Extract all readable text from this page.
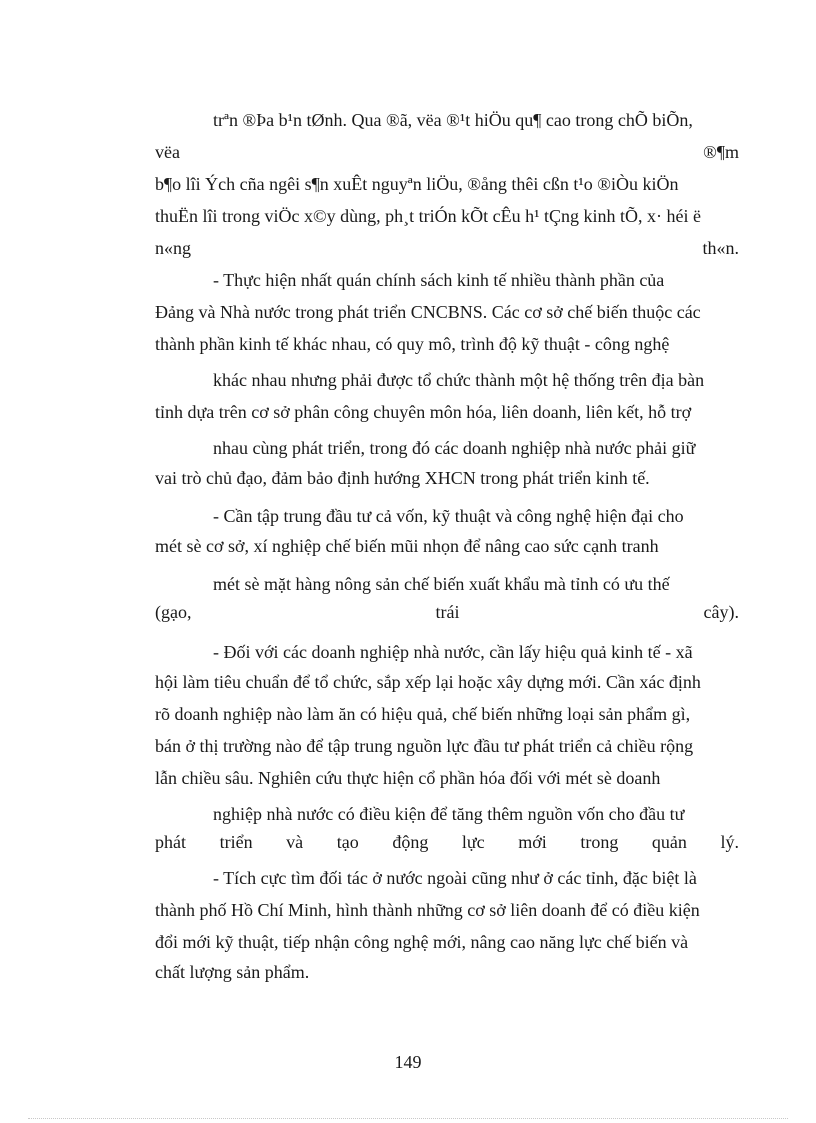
trªn ®Þa b¹n tØnh. Qua ®ã, vëa ®¹t hiÖu qu¶ cao trong chÕ biÕn,
vëa	®¶m
b¶o lîi Ých cña ngêi s¶n xuÊt nguyªn liÖu, ®ång thêi cßn t¹o ®iÒu kiÖn
thuËn lîi trong viÖc x©y dùng, ph¸t triÓn kÕt cÊu h¹ tÇng kinh tÕ, x· héi ë
n«ng	th«n.
- Thực hiện nhất quán chính sách kinh tế nhiều thành phần của
Đảng và Nhà nước trong phát triển CNCBNS. Các cơ sở chế biến thuộc các
thành phần kinh tế khác nhau, có quy mô, trình độ kỹ thuật - công nghệ
khác nhau nhưng phải được tổ chức thành một hệ thống trên địa bàn
tỉnh dựa trên cơ sở phân công chuyên môn hóa, liên doanh, liên kết, hỗ trợ
nhau cùng phát triển, trong đó các doanh nghiệp nhà nước phải giữ
vai trò chủ đạo, đảm bảo định hướng XHCN trong phát triển kinh tế.
- Cần tập trung đầu tư cả vốn, kỹ thuật và công nghệ hiện đại cho
mét sè cơ sở, xí nghiệp chế biến mũi nhọn để nâng cao sức cạnh tranh
mét sè mặt hàng nông sản chế biến xuất khẩu mà tỉnh có ưu thế
(gạo,	trái	cây).
- Đối với các doanh nghiệp nhà nước, cần lấy hiệu quả kinh tế - xã
hội làm tiêu chuẩn để tổ chức, sắp xếp lại hoặc xây dựng mới. Cần xác định
rõ doanh nghiệp nào làm ăn có hiệu quả, chế biến những loại sản phẩm gì,
bán ở thị trường nào để tập trung nguồn lực đầu tư phát triển cả chiều rộng
lẫn chiều sâu. Nghiên cứu thực hiện cổ phần hóa đối với mét sè doanh
nghiệp nhà nước có điều kiện để tăng thêm nguồn vốn cho đầu tư
phát triển và tạo động lực mới trong quản lý.
- Tích cực tìm đối tác ở nước ngoài cũng như ở các tỉnh, đặc biệt là
thành phố Hồ Chí Minh, hình thành những cơ sở liên doanh để có điều kiện
đổi mới kỹ thuật, tiếp nhận công nghệ mới, nâng cao năng lực chế biến và
chất lượng sản phẩm.
149
